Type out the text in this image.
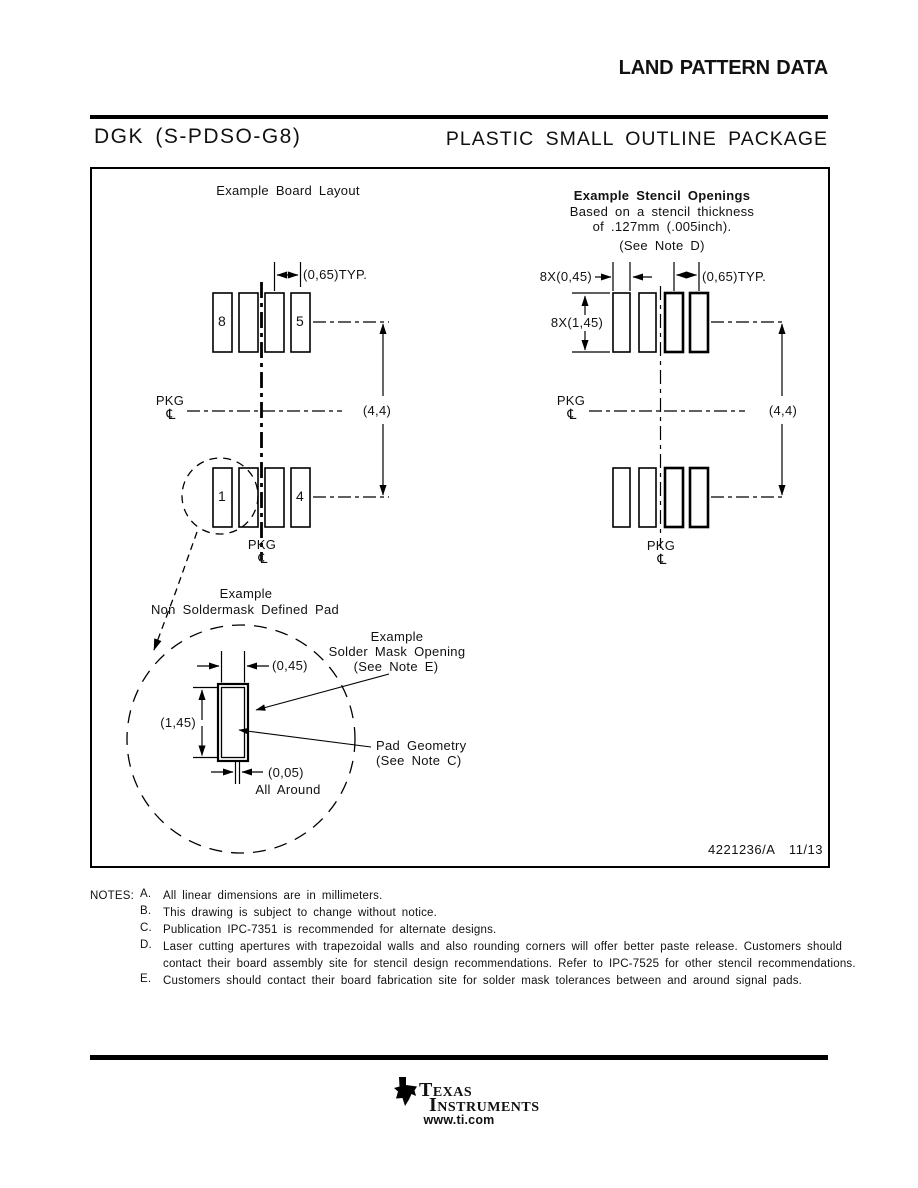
LAND PATTERN DATA
DGK (S-PDSO-G8)	PLASTIC SMALL OUTLINE PACKAGE
Example Board Layout
(0,65)TYP.
8	5
1	4
(4,4)
PKG
℄
PKG
℄
Example
Non Soldermask Defined Pad
(0,45)
(1,45)
(0,05)
All Around
Example
Solder Mask Opening
(See Note E)
Pad Geometry
(See Note C)
Example Stencil Openings
Based on a stencil thickness
of .127mm (.005inch).
(See Note D)
8X(0,45)	(0,65)TYP.
8X(1,45)
(4,4)
PKG
℄
PKG
℄
4221236/A  11/13
NOTES: A. All linear dimensions are in millimeters.
B. This drawing is subject to change without notice.
C. Publication IPC-7351 is recommended for alternate designs.
D. Laser cutting apertures with trapezoidal walls and also rounding corners will offer better paste release. Customers should contact their board assembly site for stencil design recommendations. Refer to IPC-7525 for other stencil recommendations.
E. Customers should contact their board fabrication site for solder mask tolerances between and around signal pads.
Texas
Instruments
www.ti.com
